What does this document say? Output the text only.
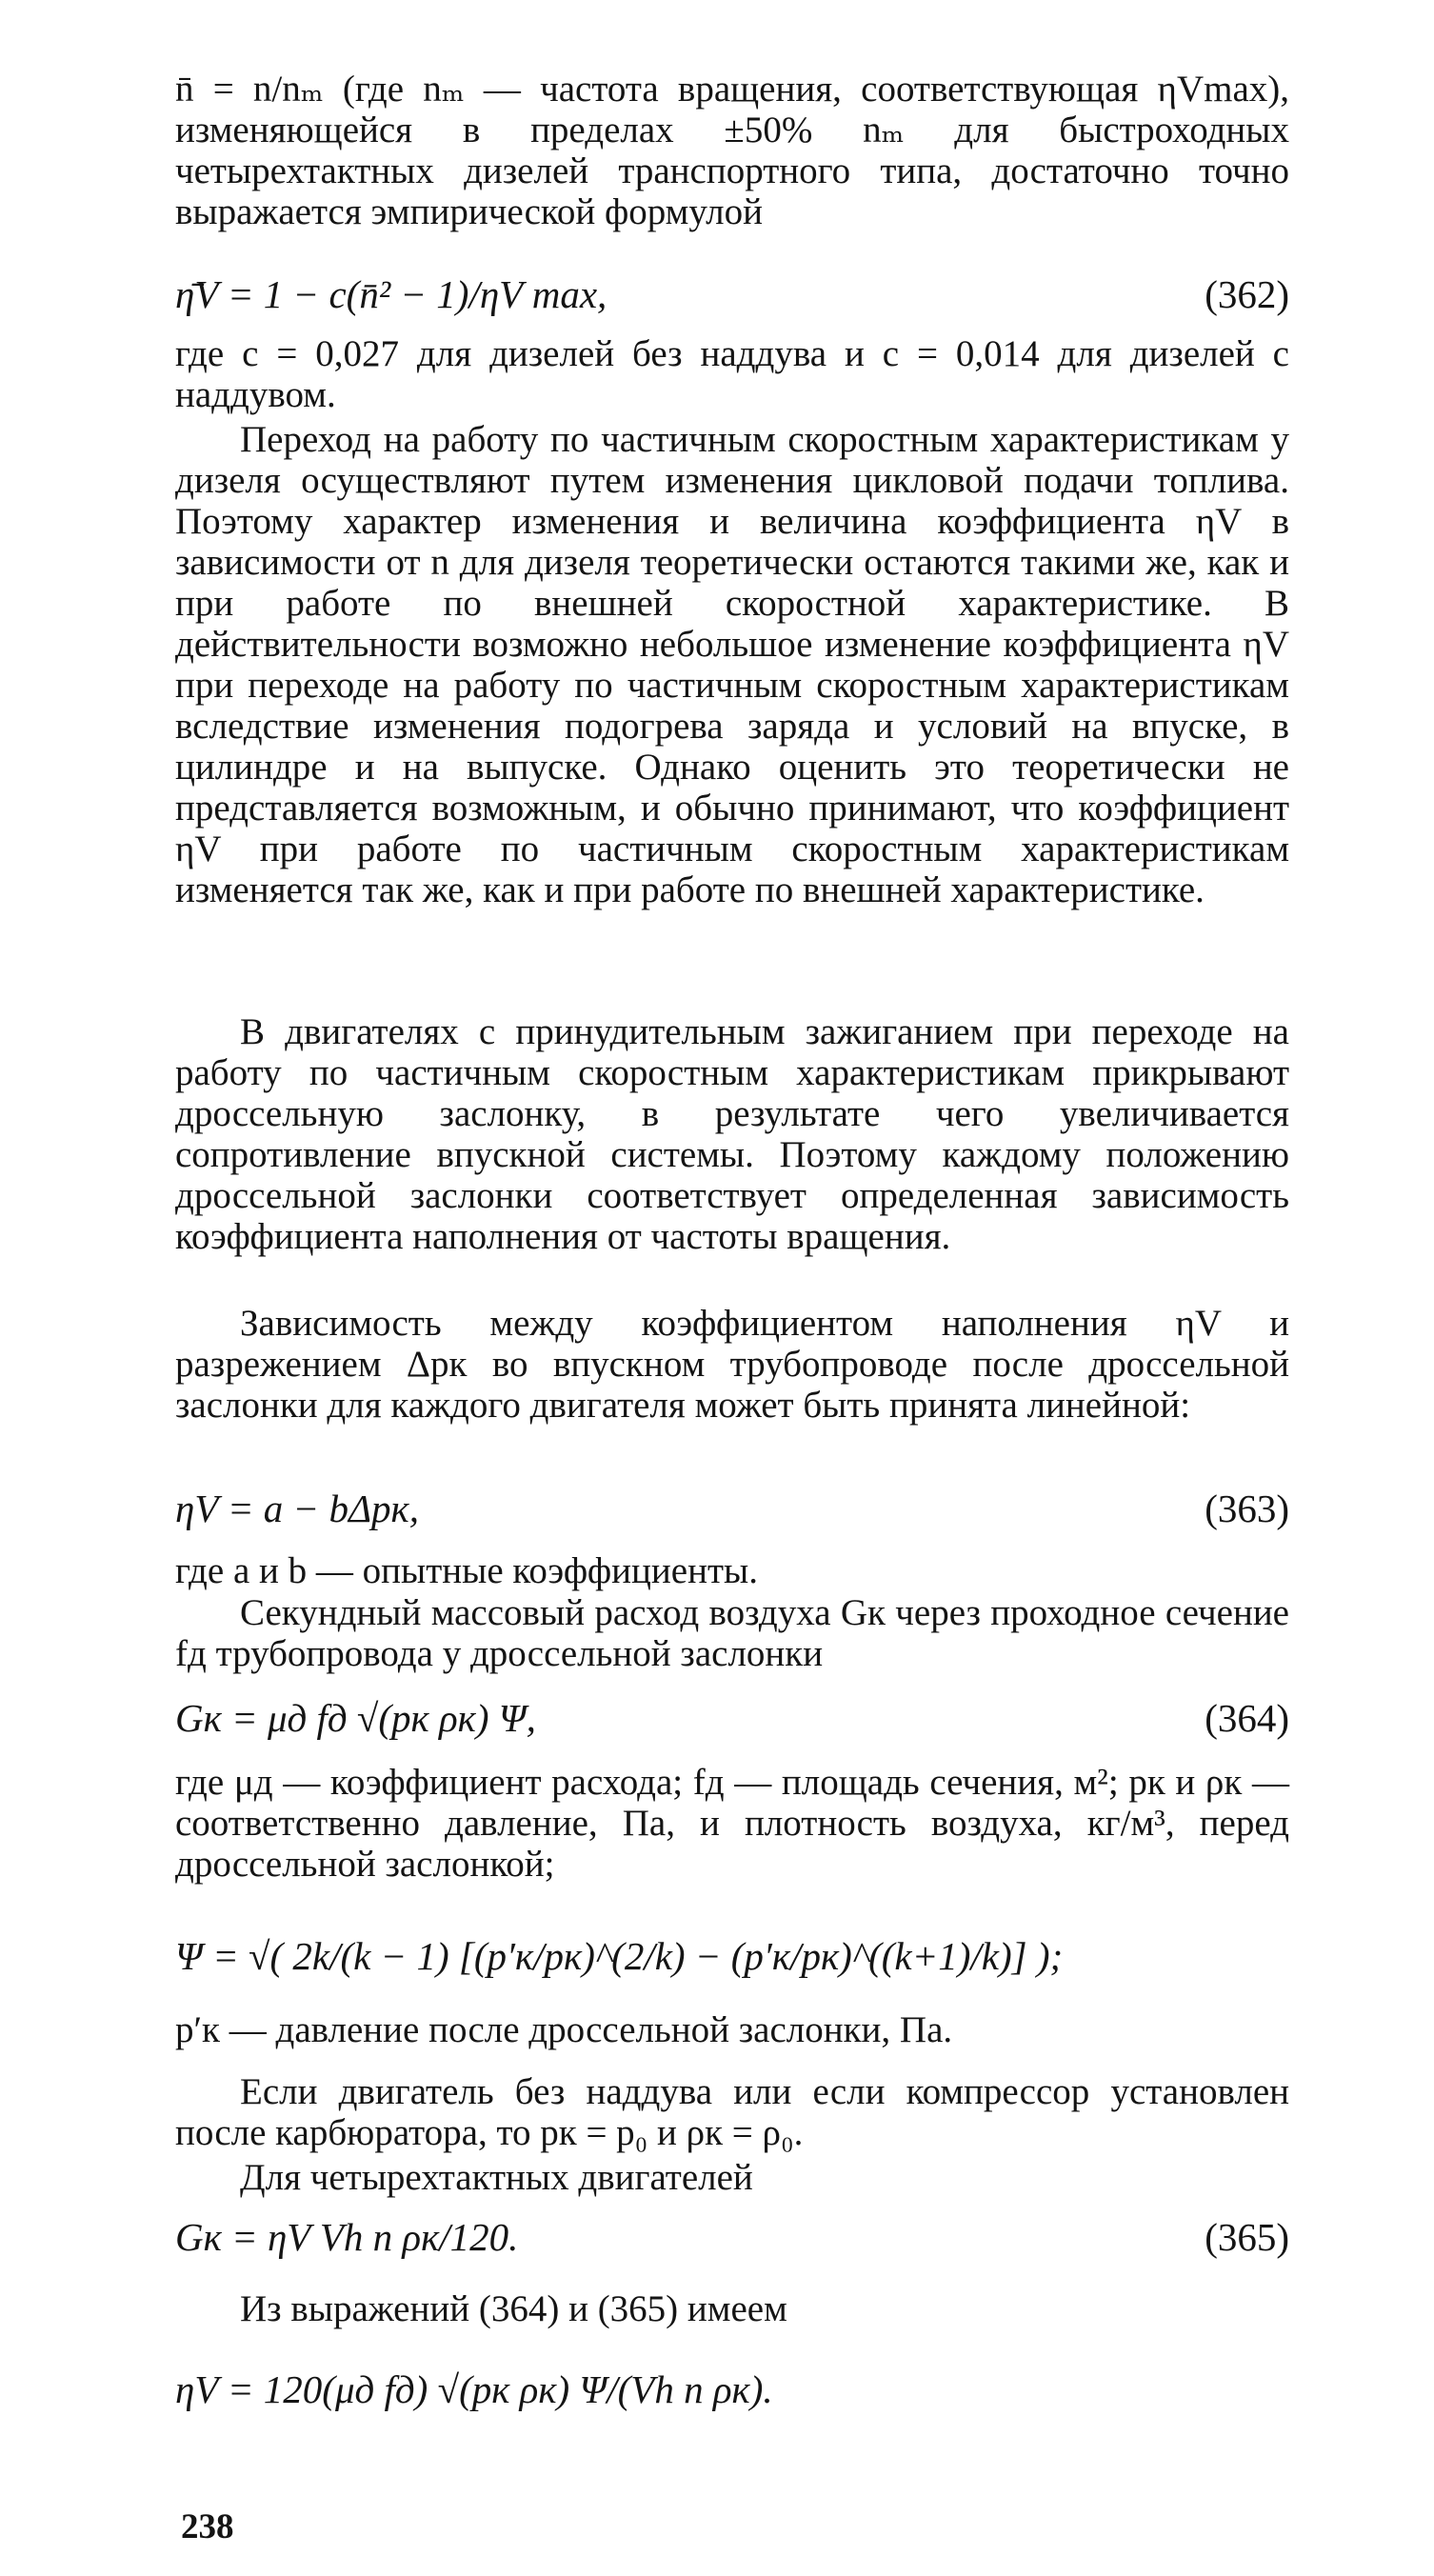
n̄ = n/nₘ (где nₘ — частота вращения, соответствующая ηVmax), изменяющейся в пределах ±50% nₘ для быстроходных четырехтактных дизелей транспортного типа, достаточно точно выражается эмпирической формулой
η̄V = 1 − c(n̄² − 1)/ηV max,	(362)
где c = 0,027 для дизелей без наддува и c = 0,014 для дизелей с наддувом.
Переход на работу по частичным скоростным характеристикам у дизеля осуществляют путем изменения цикловой подачи топлива. Поэтому характер изменения и величина коэффициента ηV в зависимости от n для дизеля теоретически остаются такими же, как и при работе по внешней скоростной характеристике. В действительности возможно небольшое изменение коэффициента ηV при переходе на работу по частичным скоростным характеристикам вследствие изменения подогрева заряда и условий на впуске, в цилиндре и на выпуске. Однако оценить это теоретически не представляется возможным, и обычно принимают, что коэффициент ηV при работе по частичным скоростным характеристикам изменяется так же, как и при работе по внешней характеристике.
В двигателях с принудительным зажиганием при переходе на работу по частичным скоростным характеристикам прикрывают дроссельную заслонку, в результате чего увеличивается сопротивление впускной системы. Поэтому каждому положению дроссельной заслонки соответствует определенная зависимость коэффициента наполнения от частоты вращения.
Зависимость между коэффициентом наполнения ηV и разрежением Δpк во впускном трубопроводе после дроссельной заслонки для каждого двигателя может быть принята линейной:
ηV = a − bΔpк,	(363)
где a и b — опытные коэффициенты.
Секундный массовый расход воздуха Gк через проходное сечение fд трубопровода у дроссельной заслонки
Gк = μд fд √(pк ρк) Ψ,	(364)
где μд — коэффициент расхода; fд — площадь сечения, м²; pк и ρк — соответственно давление, Па, и плотность воздуха, кг/м³, перед дроссельной заслонкой;
Ψ = √( 2k/(k − 1) [(p′к/pк)^(2/k) − (p′к/pк)^((k+1)/k)] );
p′к — давление после дроссельной заслонки, Па.
Если двигатель без наддува или если компрессор установлен после карбюратора, то pк = p₀ и ρк = ρ₀.
Для четырехтактных двигателей
Gк = ηV Vh n ρк/120.	(365)
Из выражений (364) и (365) имеем
ηV = 120(μд fд) √(pк ρк) Ψ/(Vh n ρк).
238
